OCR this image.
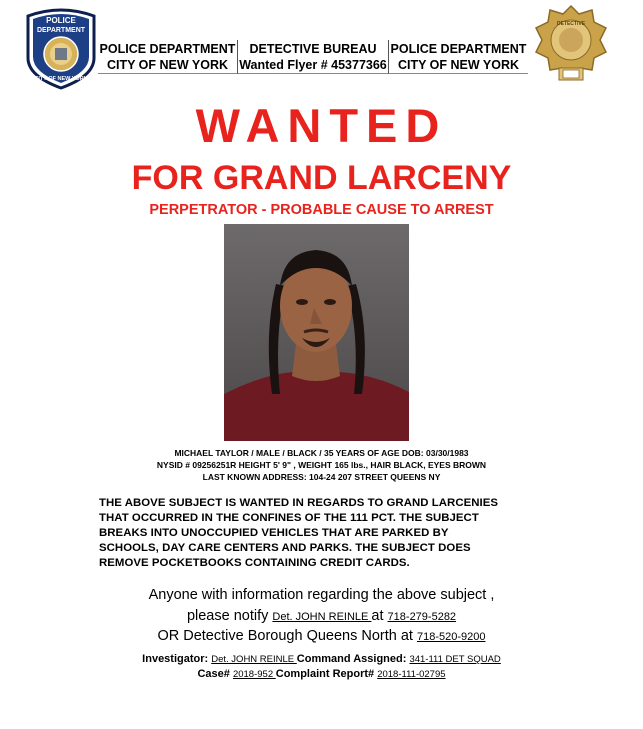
POLICE
DEPARTMENT
CITY OF NEW YORK
POLICE DEPARTMENT
CITY OF NEW YORK
DETECTIVE BUREAU
Wanted Flyer # 45377366
POLICE DEPARTMENT
CITY OF NEW YORK
DETECTIVE
WANTED
FOR GRAND LARCENY
PERPETRATOR - PROBABLE CAUSE TO ARREST
MICHAEL TAYLOR / MALE / BLACK / 35 YEARS OF AGE DOB: 03/30/1983
NYSID # 09256251R HEIGHT 5' 9" , WEIGHT 165 lbs., HAIR BLACK, EYES BROWN
LAST KNOWN ADDRESS: 104-24 207 STREET QUEENS NY
THE ABOVE SUBJECT IS WANTED IN REGARDS TO GRAND LARCENIES
THAT OCCURRED IN THE CONFINES OF THE 111 PCT. THE SUBJECT
BREAKS INTO UNOCCUPIED VEHICLES THAT ARE PARKED BY
SCHOOLS, DAY CARE CENTERS AND PARKS. THE SUBJECT DOES
REMOVE POCKETBOOKS CONTAINING CREDIT CARDS.
Anyone with information regarding the above subject ,
please notify Det. JOHN REINLE at 718-279-5282
OR Detective Borough Queens North at 718-520-9200
Investigator: Det. JOHN REINLE Command Assigned: 341-111 DET SQUAD
Case# 2018-952 Complaint Report# 2018-111-02795
